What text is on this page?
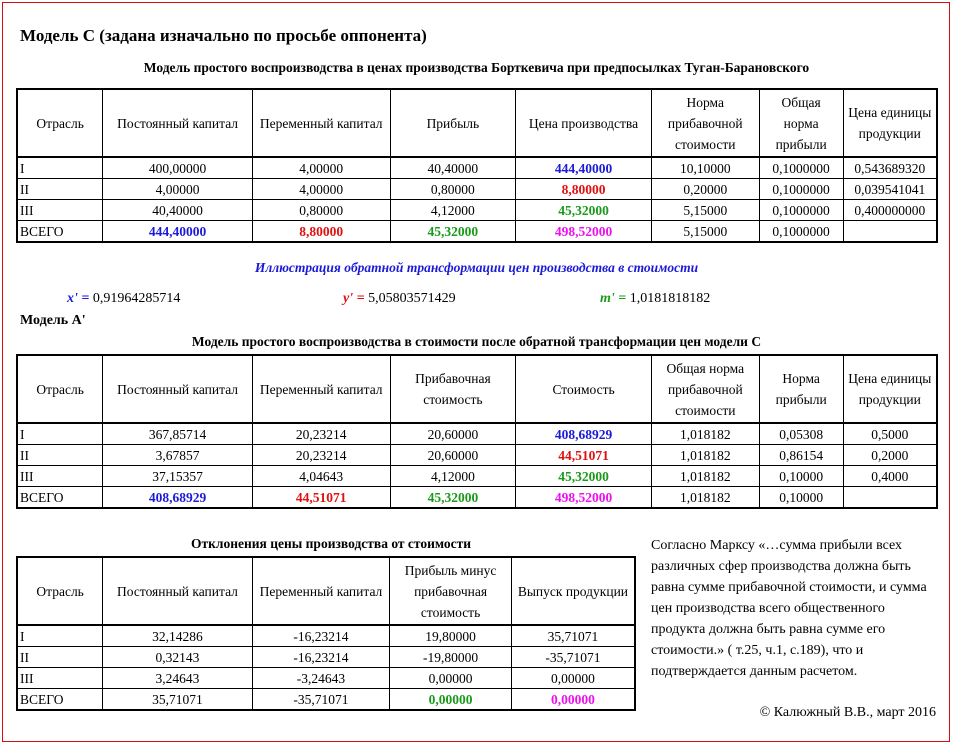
Модель С (задана изначально по просьбе оппонента)
Модель простого воспроизводства в ценах производства Борткевича при предпосылках Туган-Барановского
Отрасль	Постоянный капитал	Переменный капитал	Прибыль	Цена производства	Норма прибавочной стоимости	Общая норма прибыли	Цена единицы продукции
I	400,00000	4,00000	40,40000	444,40000	10,10000	0,1000000	0,543689320
II	4,00000	4,00000	0,80000	8,80000	0,20000	0,1000000	0,039541041
III	40,40000	0,80000	4,12000	45,32000	5,15000	0,1000000	0,400000000
ВСЕГО	444,40000	8,80000	45,32000	498,52000	5,15000	0,1000000	
Иллюстрация обратной трансформации цен производства в стоимости
x' = 0,91964285714	y' = 5,05803571429	m' = 1,0181818182
Модель А'
Модель простого воспроизводства в стоимости после обратной трансформации цен модели С
Отрасль	Постоянный капитал	Переменный капитал	Прибавочная стоимость	Стоимость	Общая норма прибавочной стоимости	Норма прибыли	Цена единицы продукции
I	367,85714	20,23214	20,60000	408,68929	1,018182	0,05308	0,5000
II	3,67857	20,23214	20,60000	44,51071	1,018182	0,86154	0,2000
III	37,15357	4,04643	4,12000	45,32000	1,018182	0,10000	0,4000
ВСЕГО	408,68929	44,51071	45,32000	498,52000	1,018182	0,10000	
Отклонения цены производства от стоимости
Отрасль	Постоянный капитал	Переменный капитал	Прибыль минус прибавочная стоимость	Выпуск продукции
I	32,14286	-16,23214	19,80000	35,71071
II	0,32143	-16,23214	-19,80000	-35,71071
III	3,24643	-3,24643	0,00000	0,00000
ВСЕГО	35,71071	-35,71071	0,00000	0,00000
Согласно Марксу «…сумма прибыли всех различных сфер производства должна быть равна сумме прибавочной стоимости, и сумма цен производства всего общественного продукта должна быть равна сумме его стоимости.» ( т.25, ч.1, с.189), что и подтверждается данным расчетом.
© Калюжный В.В., март 2016
